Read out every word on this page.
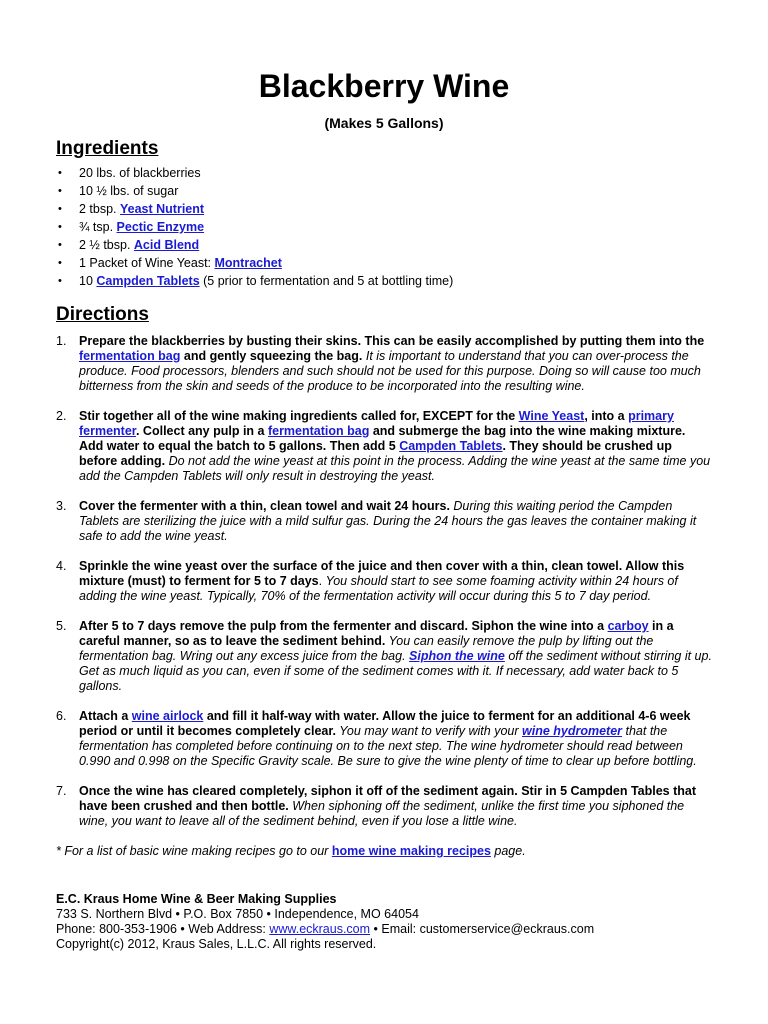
Blackberry Wine
(Makes 5 Gallons)
Ingredients
• 20 lbs. of blackberries
• 10 ½ lbs. of sugar
• 2 tbsp. Yeast Nutrient
• ¾ tsp. Pectic Enzyme
• 2 ½ tbsp. Acid Blend
• 1 Packet of Wine Yeast: Montrachet
• 10 Campden Tablets (5 prior to fermentation and 5 at bottling time)
Directions
1. Prepare the blackberries by busting their skins. This can be easily accomplished by putting them into the fermentation bag and gently squeezing the bag. It is important to understand that you can over-process the produce. Food processors, blenders and such should not be used for this purpose. Doing so will cause too much bitterness from the skin and seeds of the produce to be incorporated into the resulting wine.
2. Stir together all of the wine making ingredients called for, EXCEPT for the Wine Yeast, into a primary fermenter. Collect any pulp in a fermentation bag and submerge the bag into the wine making mixture. Add water to equal the batch to 5 gallons. Then add 5 Campden Tablets. They should be crushed up before adding. Do not add the wine yeast at this point in the process. Adding the wine yeast at the same time you add the Campden Tablets will only result in destroying the yeast.
3. Cover the fermenter with a thin, clean towel and wait 24 hours. During this waiting period the Campden Tablets are sterilizing the juice with a mild sulfur gas. During the 24 hours the gas leaves the container making it safe to add the wine yeast.
4. Sprinkle the wine yeast over the surface of the juice and then cover with a thin, clean towel. Allow this mixture (must) to ferment for 5 to 7 days. You should start to see some foaming activity within 24 hours of adding the wine yeast. Typically, 70% of the fermentation activity will occur during this 5 to 7 day period.
5. After 5 to 7 days remove the pulp from the fermenter and discard. Siphon the wine into a carboy in a careful manner, so as to leave the sediment behind. You can easily remove the pulp by lifting out the fermentation bag. Wring out any excess juice from the bag. Siphon the wine off the sediment without stirring it up. Get as much liquid as you can, even if some of the sediment comes with it. If necessary, add water back to 5 gallons.
6. Attach a wine airlock and fill it half-way with water. Allow the juice to ferment for an additional 4-6 week period or until it becomes completely clear. You may want to verify with your wine hydrometer that the fermentation has completed before continuing on to the next step. The wine hydrometer should read between 0.990 and 0.998 on the Specific Gravity scale. Be sure to give the wine plenty of time to clear up before bottling.
7. Once the wine has cleared completely, siphon it off of the sediment again. Stir in 5 Campden Tables that have been crushed and then bottle. When siphoning off the sediment, unlike the first time you siphoned the wine, you want to leave all of the sediment behind, even if you lose a little wine.
* For a list of basic wine making recipes go to our home wine making recipes page.
E.C. Kraus Home Wine & Beer Making Supplies
733 S. Northern Blvd • P.O. Box 7850 • Independence, MO 64054
Phone: 800-353-1906 • Web Address: www.eckraus.com • Email: customerservice@eckraus.com
Copyright(c) 2012, Kraus Sales, L.L.C. All rights reserved.
